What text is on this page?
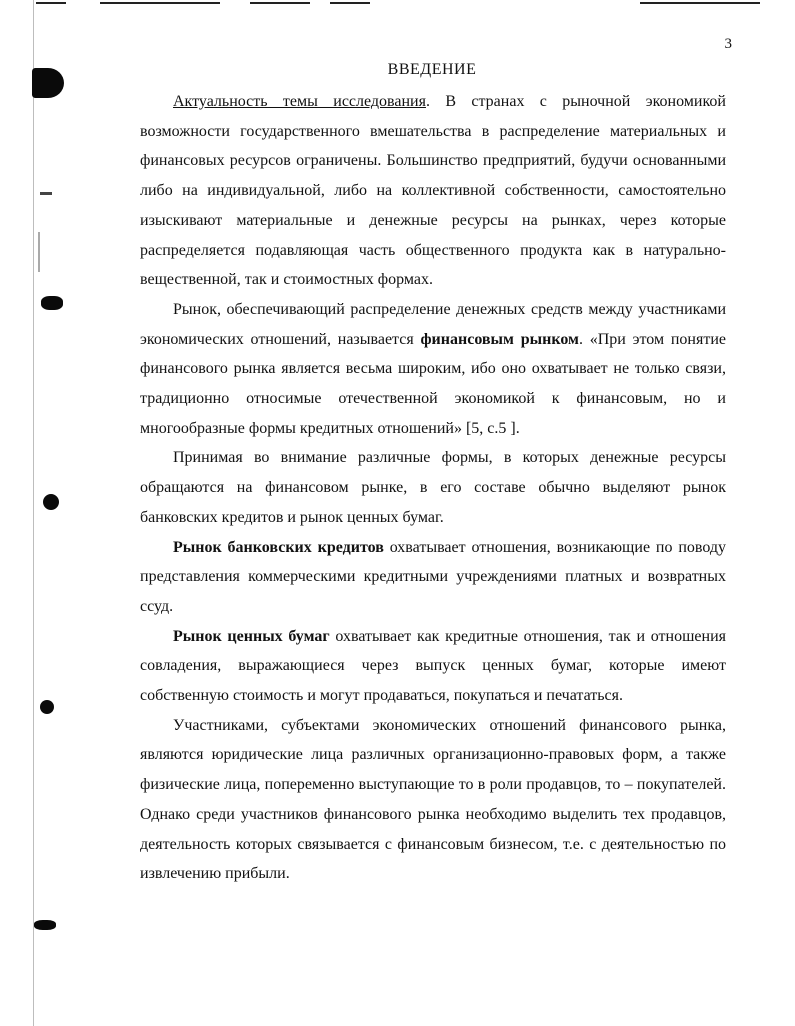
3
ВВЕДЕНИЕ

Актуальность темы исследования. В странах с рыночной экономикой возможности государственного вмешательства в распределение материальных и финансовых ресурсов ограничены. Большинство предприятий, будучи основанными либо на индивидуальной, либо на коллективной собственности, самостоятельно изыскивают материальные и денежные ресурсы на рынках, через которые распределяется подавляющая часть общественного продукта как в натурально-вещественной, так и стоимостных формах.

Рынок, обеспечивающий распределение денежных средств между участниками экономических отношений, называется финансовым рынком. «При этом понятие финансового рынка является весьма широким, ибо оно охватывает не только связи, традиционно относимые отечественной экономикой к финансовым, но и многообразные формы кредитных отношений» [5, с.5 ].

Принимая во внимание различные формы, в которых денежные ресурсы обращаются на финансовом рынке, в его составе обычно выделяют рынок банковских кредитов и рынок ценных бумаг.

Рынок банковских кредитов охватывает отношения, возникающие по поводу представления коммерческими кредитными учреждениями платных и возвратных ссуд.

Рынок ценных бумаг охватывает как кредитные отношения, так и отношения совладения, выражающиеся через выпуск ценных бумаг, которые имеют собственную стоимость и могут продаваться, покупаться и печататься.

Участниками, субъектами экономических отношений финансового рынка, являются юридические лица различных организационно-правовых форм, а также физические лица, попеременно выступающие то в роли продавцов, то – покупателей. Однако среди участников финансового рынка необходимо выделить тех продавцов, деятельность которых связывается с финансовым бизнесом, т.е. с деятельностью по извлечению прибыли.
